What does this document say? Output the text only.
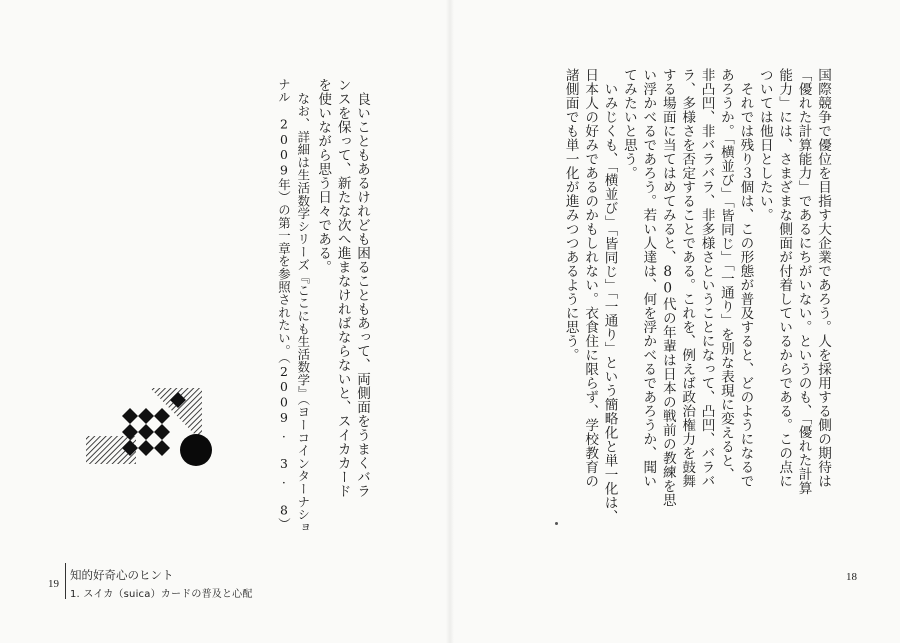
国際競争で優位を目指す大企業であろう。人を採用する側の期待は
「優れた計算能力」であるにちがいない。というのも、「優れた計算
能力」には、さまざまな側面が付着しているからである。この点に
ついては他日としたい。
それでは残り３個は、この形態が普及すると、どのようになるで
あろうか。「横並び」「皆同じ」「一通り」を別な表現に変えると、
非凸凹、非バラバラ、非多様さということになって、凸凹、バラバ
ラ、多様さを否定することである。これを、例えば政治権力を鼓舞
する場面に当てはめてみると、80代の年輩は日本の戦前の教練を思
い浮かべるであろう。若い人達は、何を浮かべるであろうか、聞い
てみたいと思う。
いみじくも、「横並び」「皆同じ」「一通り」という簡略化と単一化は、
日本人の好みであるのかもしれない。衣食住に限らず、学校教育の
諸側面でも単一化が進みつつあるように思う。
18
良いこともあるけれども困ることもあって、両側面をうまくバラ
ンスを保って、新たな次へ進まなければならないと、スイカカード
を使いながら思う日々である。
なお、詳細は生活数学シリーズ『ここにも生活数学』（ヨーコインターナショ
ナル　2009年）の第一章を参照されたい。（2009. 3. 8）
19
知的好奇心のヒント
1. スイカ（suica）カードの普及と心配
